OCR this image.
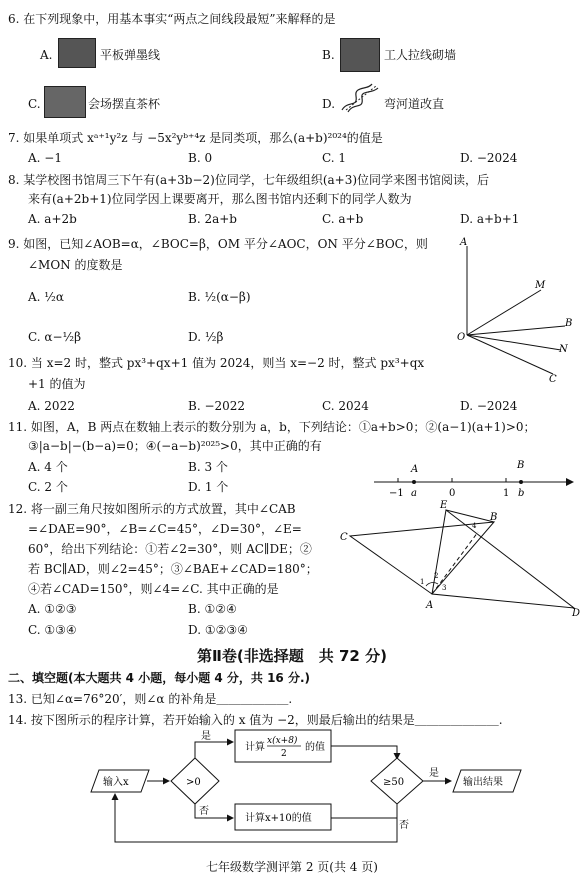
6. 在下列现象中，用基本事实“两点之间线段最短”来解释的是
A.	平板弹墨线	B.	工人拉线砌墙
C.	会场摆直茶杯	D.	弯河道改直
7. 如果单项式 xᵃ⁺¹y²z 与 −5x²yᵇ⁺⁴z 是同类项，那么(a+b)²⁰²⁴的值是
A. −1	B. 0	C. 1	D. −2024
8. 某学校图书馆周三下午有(a+3b−2)位同学，七年级组织(a+3)位同学来图书馆阅读，后
来有(a+2b+1)位同学因上课要离开，那么图书馆内还剩下的同学人数为
A. a+2b	B. 2a+b	C. a+b	D. a+b+1
9. 如图，已知∠AOB=α，∠BOC=β，OM 平分∠AOC，ON 平分∠BOC，则
∠MON 的度数是
A. ½α	B. ½(α−β)
C. α−½β	D. ½β
A
M
O
B
N
C
10. 当 x=2 时，整式 px³+qx+1 值为 2024，则当 x=−2 时，整式 px³+qx
+1 的值为
A. 2022	B. −2022	C. 2024	D. −2024
11. 如图，A，B 两点在数轴上表示的数分别为 a，b，下列结论：①a+b>0；②(a−1)(a+1)>0；
③|a−b|−(b−a)=0；④(−a−b)²⁰²⁵>0，其中正确的有
A. 4 个	B. 3 个
C. 2 个	D. 1 个
A	B
−1 a	0	1 b
12. 将一副三角尺按如图所示的方式放置，其中∠CAB
=∠DAE=90°，∠B=∠C=45°，∠D=30°，∠E=
60°，给出下列结论：①若∠2=30°，则 AC∥DE；②
若 BC∥AD，则∠2=45°；③∠BAE+∠CAD=180°；
④若∠CAD=150°，则∠4=∠C. 其中正确的是
A. ①②③	B. ①②④
C. ①③④	D. ①②③④
C
E
B
A
D
1
2
3
4
第Ⅱ卷(非选择题　共 72 分)
二、填空题(本大题共 4 小题，每小题 4 分，共 16 分.)
13. 已知∠α=76°20′，则∠α 的补角是＿＿＿＿＿＿.
14. 按下图所示的程序计算，若开始输入的 x 值为 −2，则最后输出的结果是＿＿＿＿＿＿＿.
输入x	>0
是
计算
x(x+8)
2
的值
否
计算x+10的值
≥50
是
输出结果
否
七年级数学测评第 2 页(共 4 页)
